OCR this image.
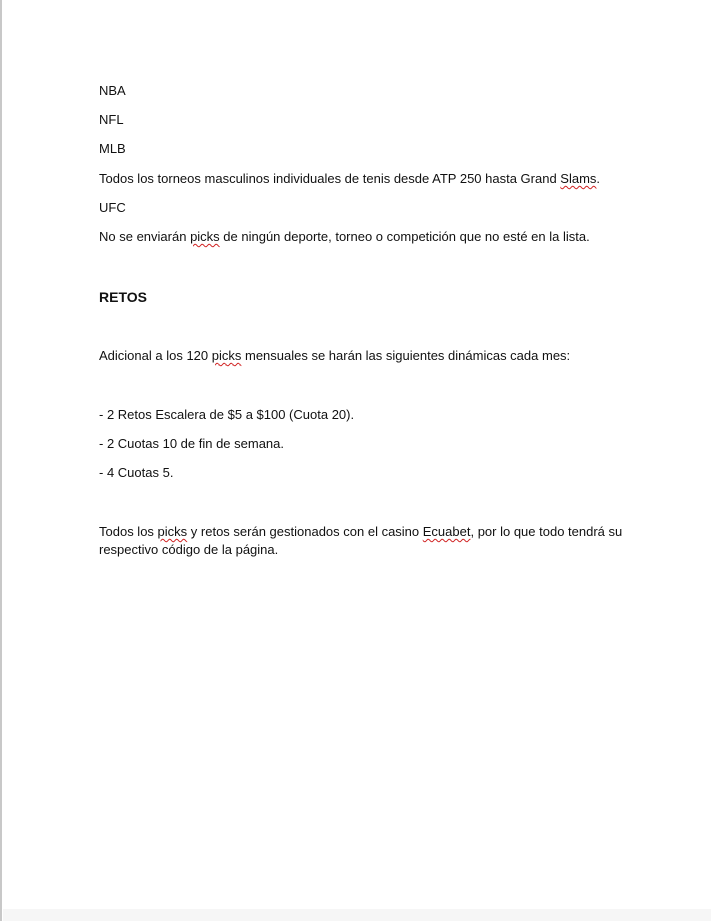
NBA
NFL
MLB
Todos los torneos masculinos individuales de tenis desde ATP 250 hasta Grand Slams.
UFC
No se enviarán picks de ningún deporte, torneo o competición que no esté en la lista.
RETOS
Adicional a los 120 picks mensuales se harán las siguientes dinámicas cada mes:
- 2 Retos Escalera de $5 a $100 (Cuota 20).
- 2 Cuotas 10 de fin de semana.
- 4 Cuotas 5.
Todos los picks y retos serán gestionados con el casino Ecuabet, por lo que todo tendrá su
respectivo código de la página.
